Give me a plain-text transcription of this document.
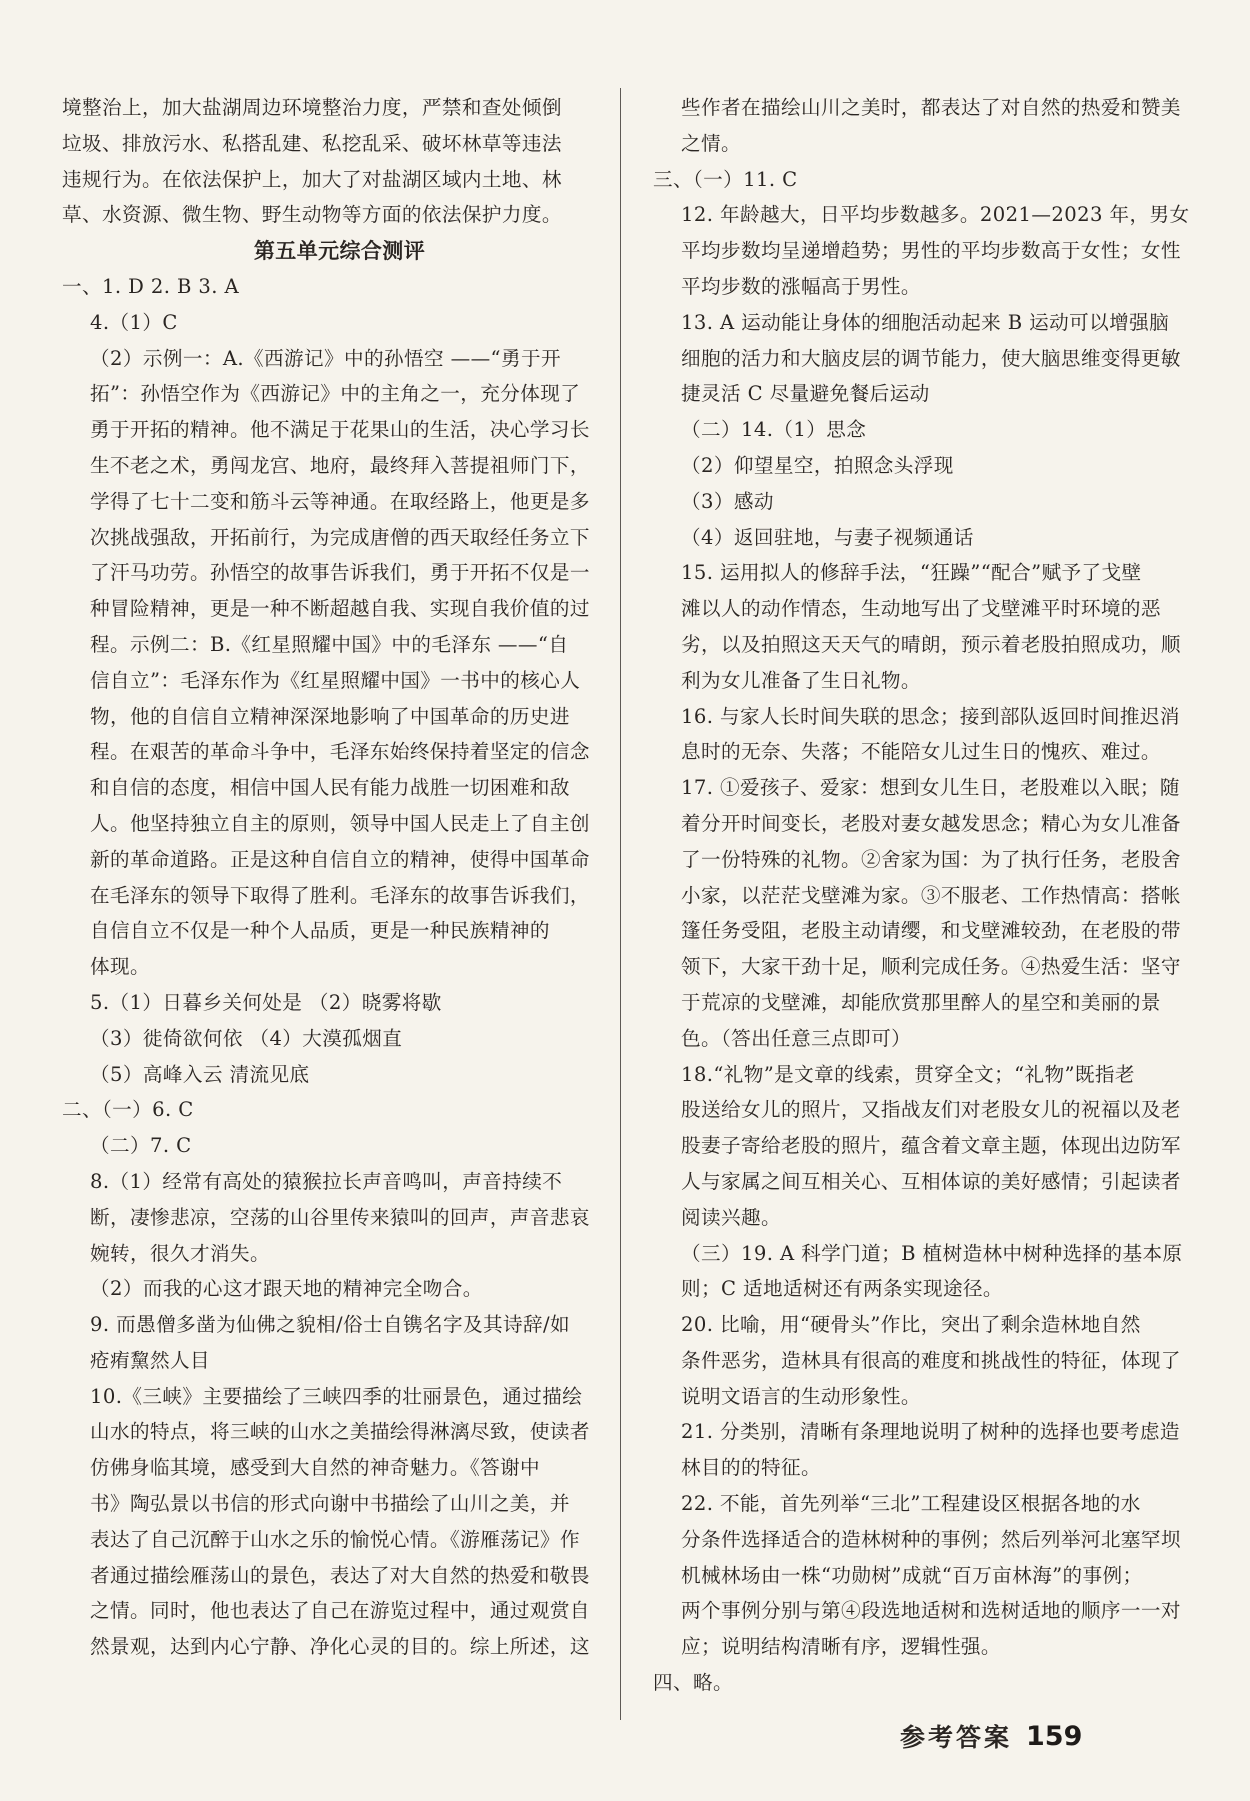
境整治上，加大盐湖周边环境整治力度，严禁和查处倾倒

垃圾、排放污水、私搭乱建、私挖乱采、破坏林草等违法

违规行为。在依法保护上，加大了对盐湖区域内土地、林

草、水资源、微生物、野生动物等方面的依法保护力度。

第五单元综合测评

一、1. D 2. B 3. A

4.（1）C

（2）示例一：A.《西游记》中的孙悟空 ——“勇于开

拓”：孙悟空作为《西游记》中的主角之一，充分体现了

勇于开拓的精神。他不满足于花果山的生活，决心学习长

生不老之术，勇闯龙宫、地府，最终拜入菩提祖师门下，

学得了七十二变和筋斗云等神通。在取经路上，他更是多

次挑战强敌，开拓前行，为完成唐僧的西天取经任务立下

了汗马功劳。孙悟空的故事告诉我们，勇于开拓不仅是一

种冒险精神，更是一种不断超越自我、实现自我价值的过

程。示例二：B.《红星照耀中国》中的毛泽东 ——“自

信自立”：毛泽东作为《红星照耀中国》一书中的核心人

物，他的自信自立精神深深地影响了中国革命的历史进

程。在艰苦的革命斗争中，毛泽东始终保持着坚定的信念

和自信的态度，相信中国人民有能力战胜一切困难和敌

人。他坚持独立自主的原则，领导中国人民走上了自主创

新的革命道路。正是这种自信自立的精神，使得中国革命

在毛泽东的领导下取得了胜利。毛泽东的故事告诉我们，

自信自立不仅是一种个人品质，更是一种民族精神的

体现。

5.（1）日暮乡关何处是 （2）晓雾将歇

（3）徙倚欲何依 （4）大漠孤烟直

（5）高峰入云 清流见底

二、（一）6. C

（二）7. C

8.（1）经常有高处的猿猴拉长声音鸣叫，声音持续不

断，凄惨悲凉，空荡的山谷里传来猿叫的回声，声音悲哀

婉转，很久才消失。

（2）而我的心这才跟天地的精神完全吻合。

9. 而愚僧多凿为仙佛之貌相/俗士自镌名字及其诗辞/如

疮痏黧然人目

10.《三峡》主要描绘了三峡四季的壮丽景色，通过描绘

山水的特点，将三峡的山水之美描绘得淋漓尽致，使读者

仿佛身临其境，感受到大自然的神奇魅力。《答谢中

书》陶弘景以书信的形式向谢中书描绘了山川之美，并

表达了自己沉醉于山水之乐的愉悦心情。《游雁荡记》作

者通过描绘雁荡山的景色，表达了对大自然的热爱和敬畏

之情。同时，他也表达了自己在游览过程中，通过观赏自

然景观，达到内心宁静、净化心灵的目的。综上所述，这

些作者在描绘山川之美时，都表达了对自然的热爱和赞美

之情。

三、（一）11. C

12. 年龄越大，日平均步数越多。2021—2023 年，男女

平均步数均呈递增趋势；男性的平均步数高于女性；女性

平均步数的涨幅高于男性。

13. A 运动能让身体的细胞活动起来 B 运动可以增强脑

细胞的活力和大脑皮层的调节能力，使大脑思维变得更敏

捷灵活 C 尽量避免餐后运动

（二）14.（1）思念

（2）仰望星空，拍照念头浮现

（3）感动

（4）返回驻地，与妻子视频通话

15. 运用拟人的修辞手法，“狂躁”“配合”赋予了戈壁

滩以人的动作情态，生动地写出了戈壁滩平时环境的恶

劣，以及拍照这天天气的晴朗，预示着老股拍照成功，顺

利为女儿准备了生日礼物。

16. 与家人长时间失联的思念；接到部队返回时间推迟消

息时的无奈、失落；不能陪女儿过生日的愧疚、难过。

17. ①爱孩子、爱家：想到女儿生日，老股难以入眠；随

着分开时间变长，老股对妻女越发思念；精心为女儿准备

了一份特殊的礼物。②舍家为国：为了执行任务，老股舍

小家，以茫茫戈壁滩为家。③不服老、工作热情高：搭帐

篷任务受阻，老股主动请缨，和戈壁滩较劲，在老股的带

领下，大家干劲十足，顺利完成任务。④热爱生活：坚守

于荒凉的戈壁滩，却能欣赏那里醉人的星空和美丽的景

色。（答出任意三点即可）

18.“礼物”是文章的线索，贯穿全文；“礼物”既指老

股送给女儿的照片，又指战友们对老股女儿的祝福以及老

股妻子寄给老股的照片，蕴含着文章主题，体现出边防军

人与家属之间互相关心、互相体谅的美好感情；引起读者

阅读兴趣。

（三）19. A 科学门道；B 植树造林中树种选择的基本原

则；C 适地适树还有两条实现途径。

20. 比喻，用“硬骨头”作比，突出了剩余造林地自然

条件恶劣，造林具有很高的难度和挑战性的特征，体现了

说明文语言的生动形象性。

21. 分类别，清晰有条理地说明了树种的选择也要考虑造

林目的的特征。

22. 不能，首先列举“三北”工程建设区根据各地的水

分条件选择适合的造林树种的事例；然后列举河北塞罕坝

机械林场由一株“功勋树”成就“百万亩林海”的事例；

两个事例分别与第④段选地适树和选树适地的顺序一一对

应；说明结构清晰有序，逻辑性强。

四、略。

参考答案 159
